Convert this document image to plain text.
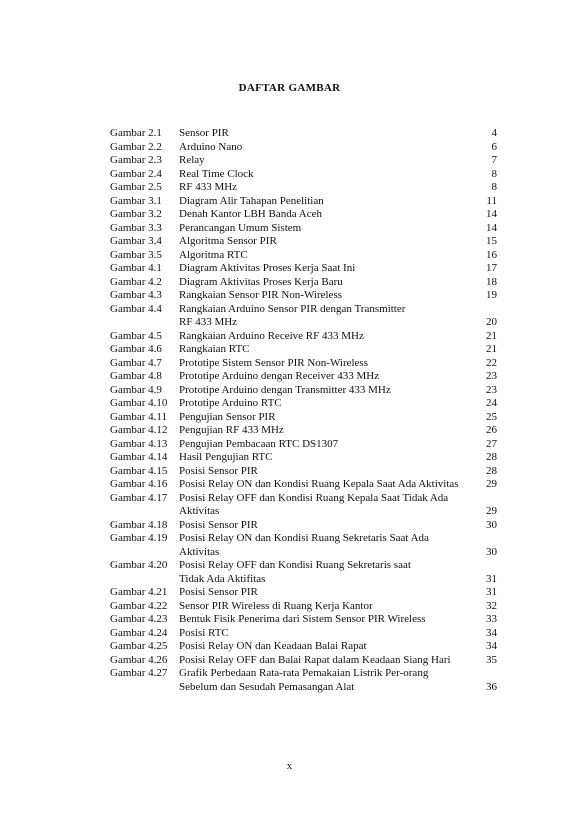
DAFTAR GAMBAR
Gambar 2.1 Sensor PIR	4
Gambar 2.2 Arduino Nano	6
Gambar 2.3 Relay	7
Gambar 2.4 Real Time Clock	8
Gambar 2.5 RF 433 MHz	8
Gambar 3.1 Diagram Alir Tahapan Penelitian	11
Gambar 3.2 Denah Kantor LBH Banda Aceh	14
Gambar 3.3 Perancangan Umum Sistem	14
Gambar 3.4 Algoritma Sensor PIR	15
Gambar 3.5 Algoritma RTC	16
Gambar 4.1 Diagram Aktivitas Proses Kerja Saat Ini	17
Gambar 4.2 Diagram Aktivitas Proses Kerja Baru	18
Gambar 4.3 Rangkaian Sensor PIR Non-Wireless	19
Gambar 4.4 Rangkaian Arduino Sensor PIR dengan Transmitter
RF 433 MHz	20
Gambar 4.5 Rangkaian Arduino Receive RF 433 MHz	21
Gambar 4.6 Rangkaian RTC	21
Gambar 4.7 Prototipe Sistem Sensor PIR Non-Wireless	22
Gambar 4.8 Prototipe Arduino dengan Receiver 433 MHz	23
Gambar 4.9 Prototipe Arduino dengan Transmitter 433 MHz	23
Gambar 4.10 Prototipe Arduino RTC	24
Gambar 4.11 Pengujian Sensor PIR	25
Gambar 4.12 Pengujian RF 433 MHz	26
Gambar 4.13 Pengujian Pembacaan RTC DS1307	27
Gambar 4.14 Hasil Pengujian RTC	28
Gambar 4.15 Posisi Sensor PIR	28
Gambar 4.16 Posisi Relay ON dan Kondisi Ruang Kepala Saat Ada Aktivitas	29
Gambar 4.17 Posisi Relay OFF dan Kondisi Ruang Kepala Saat Tidak Ada
Aktivitas	29
Gambar 4.18 Posisi Sensor PIR	30
Gambar 4.19 Posisi Relay ON dan Kondisi Ruang Sekretaris Saat Ada
Aktivitas	30
Gambar 4.20 Posisi Relay OFF dan Kondisi Ruang Sekretaris saat
Tidak Ada Aktifitas	31
Gambar 4.21 Posisi Sensor PIR	31
Gambar 4.22 Sensor PIR Wireless di Ruang Kerja Kantor	32
Gambar 4.23 Bentuk Fisik Penerima dari Sistem Sensor PIR Wireless	33
Gambar 4.24 Posisi RTC	34
Gambar 4.25 Posisi Relay ON dan Keadaan Balai Rapat	34
Gambar 4.26 Posisi Relay OFF dan Balai Rapat dalam Keadaan Siang Hari	35
Gambar 4.27 Grafik Perbedaan Rata-rata Pemakaian Listrik Per-orang
Sebelum dan Sesudah Pemasangan Alat	36
x
